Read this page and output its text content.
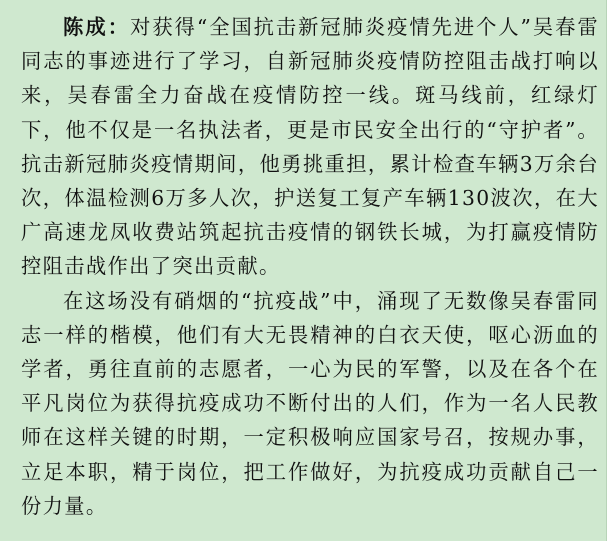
陈成：对获得“全国抗击新冠肺炎疫情先进个人”吴春雷同志的事迹进行了学习，自新冠肺炎疫情防控阻击战打响以来，吴春雷全力奋战在疫情防控一线。斑马线前，红绿灯下，他不仅是一名执法者，更是市民安全出行的“守护者”。抗击新冠肺炎疫情期间，他勇挑重担，累计检查车辆3万余台次，体温检测6万多人次，护送复工复产车辆130波次，在大广高速龙凤收费站筑起抗击疫情的钢铁长城，为打赢疫情防控阻击战作出了突出贡献。

在这场没有硝烟的“抗疫战”中，涌现了无数像吴春雷同志一样的楷模，他们有大无畏精神的白衣天使，呕心沥血的学者，勇往直前的志愿者，一心为民的军警，以及在各个在平凡岗位为获得抗疫成功不断付出的人们，作为一名人民教师在这样关键的时期，一定积极响应国家号召，按规办事，立足本职，精于岗位，把工作做好，为抗疫成功贡献自己一份力量。
